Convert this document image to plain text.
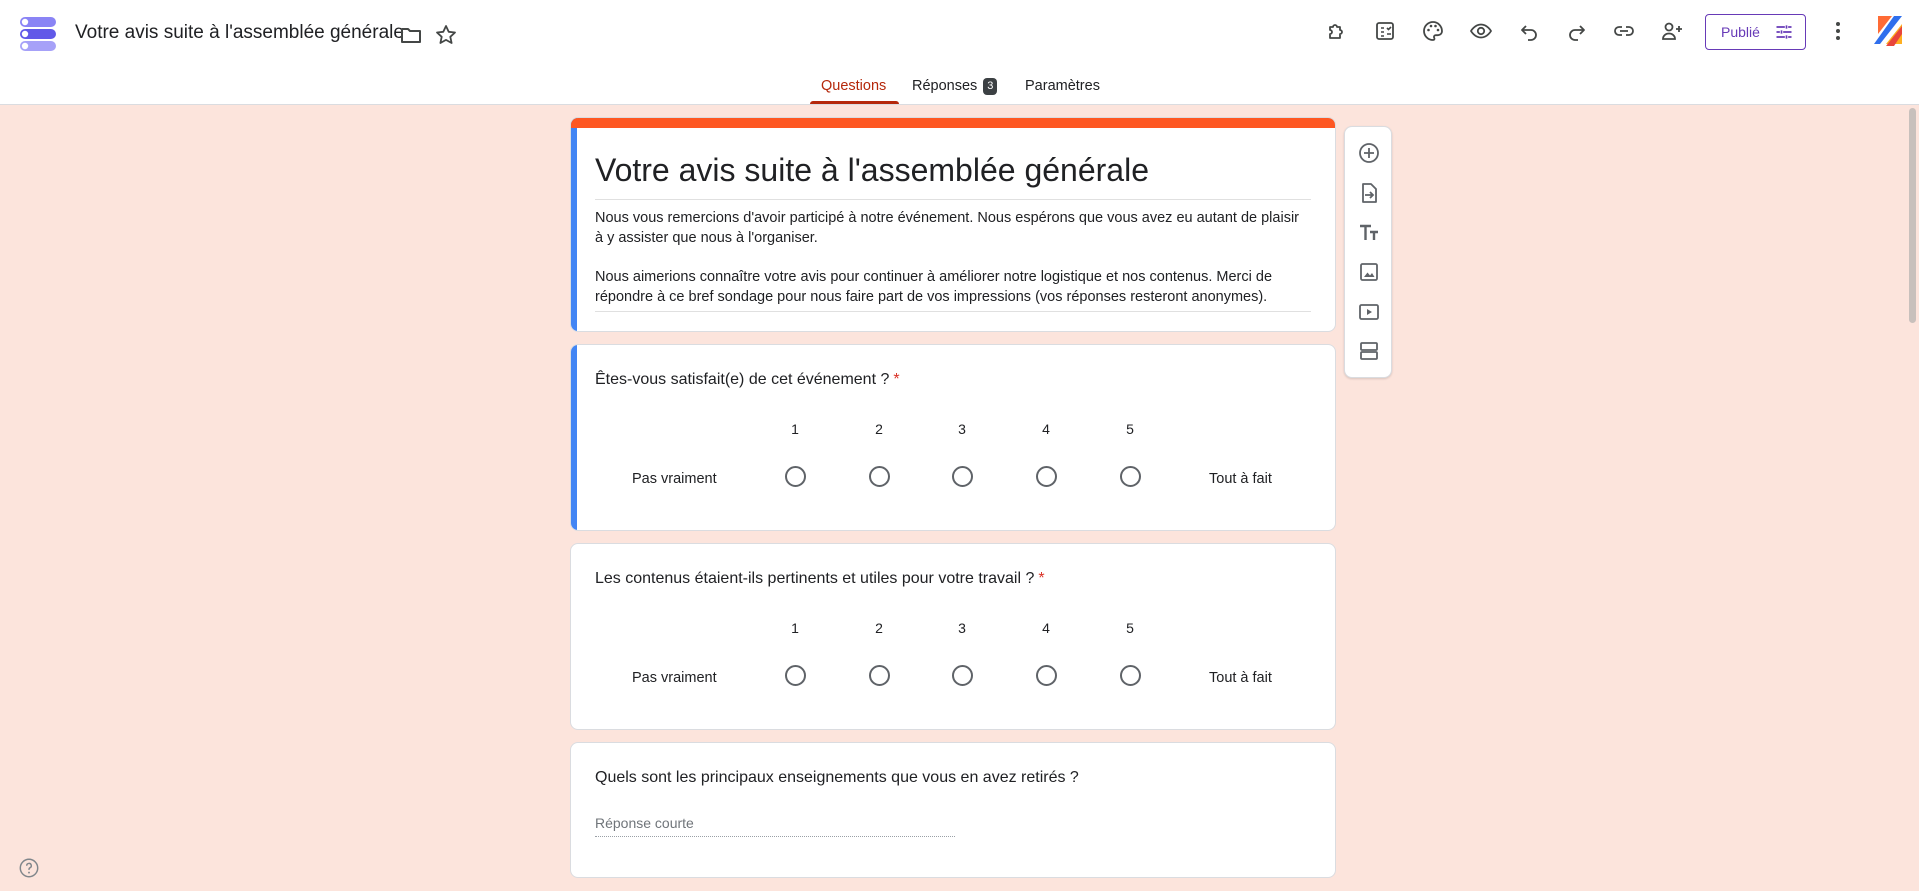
Votre avis suite à l'assemblée générale	Publié
Questions Réponses 3 Paramètres
Votre avis suite à l'assemblée générale

Nous vous remercions d'avoir participé à notre événement. Nous espérons que vous avez eu autant de plaisir à y assister que nous à l'organiser.

Nous aimerions connaître votre avis pour continuer à améliorer notre logistique et nos contenus. Merci de répondre à ce bref sondage pour nous faire part de vos impressions (vos réponses resteront anonymes).

Êtes-vous satisfait(e) de cet événement ? *
1	2	3	4	5
Pas vraiment	Tout à fait
Les contenus étaient-ils pertinents et utiles pour votre travail ? *
1	2	3	4	5
Pas vraiment	Tout à fait
Quels sont les principaux enseignements que vous en avez retirés ?
Réponse courte
